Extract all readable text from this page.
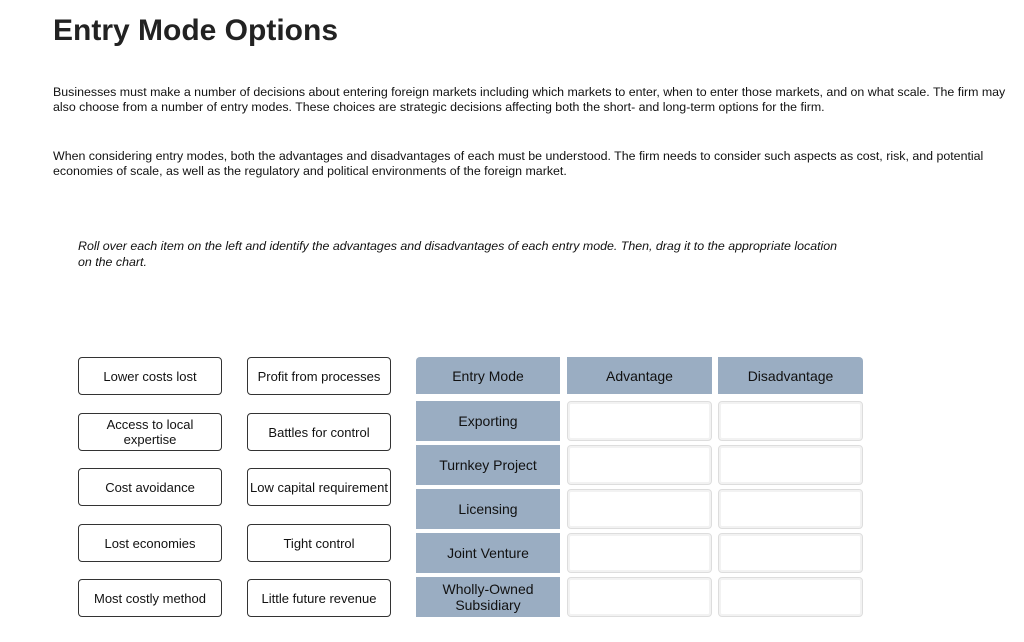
Entry Mode Options

Businesses must make a number of decisions about entering foreign markets including which markets to enter, when to enter those markets, and on what scale. The firm may also choose from a number of entry modes. These choices are strategic decisions affecting both the short- and long-term options for the firm.

When considering entry modes, both the advantages and disadvantages of each must be understood. The firm needs to consider such aspects as cost, risk, and potential economies of scale, as well as the regulatory and political environments of the foreign market.

Roll over each item on the left and identify the advantages and disadvantages of each entry mode. Then, drag it to the appropriate location on the chart.

Lower costs lost	Profit from processes
Access to local expertise	Battles for control
Cost avoidance	Low capital requirement
Lost economies	Tight control
Most costly method	Little future revenue
Entry Mode	Advantage	Disadvantage
Exporting
Turnkey Project
Licensing
Joint Venture
Wholly-Owned Subsidiary
